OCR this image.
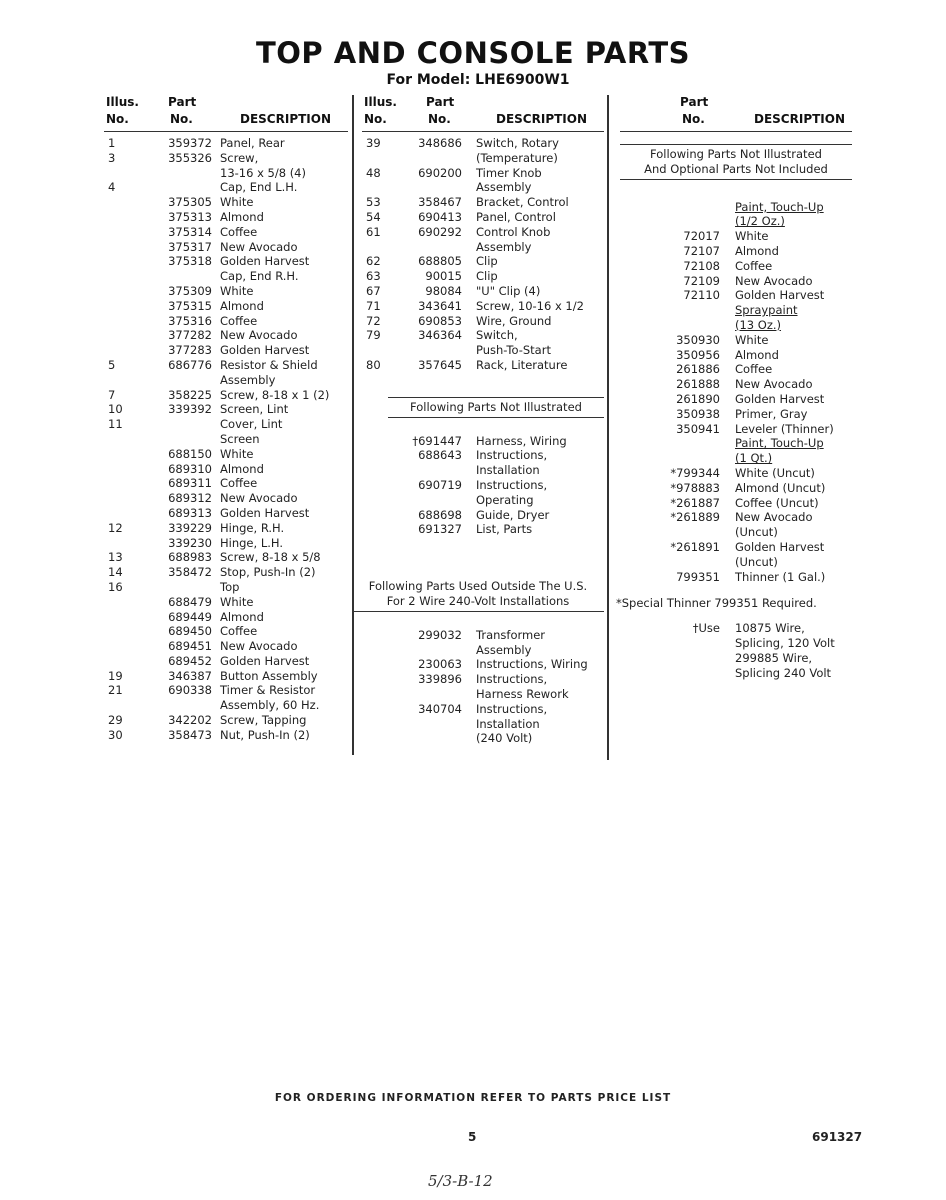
TOP AND CONSOLE PARTS
For Model: LHE6900W1
Illus.
No.
Part
No.	DESCRIPTION
1	359372 Panel, Rear
3	355326 Screw,
13-16 x 5/8 (4)
4	Cap, End L.H.
375305 White
375313 Almond
375314 Coffee
375317 New Avocado
375318 Golden Harvest
Cap, End R.H.
375309 White
375315 Almond
375316 Coffee
377282 New Avocado
377283 Golden Harvest
5	686776 Resistor & Shield
Assembly
7	358225 Screw, 8-18 x 1 (2)
10	339392 Screen, Lint
11	Cover, Lint
Screen
688150 White
689310 Almond
689311 Coffee
689312 New Avocado
689313 Golden Harvest
12	339229 Hinge, R.H.
339230 Hinge, L.H.
13	688983 Screw, 8-18 x 5/8
14	358472 Stop, Push-In (2)
16	Top
688479 White
689449 Almond
689450 Coffee
689451 New Avocado
689452 Golden Harvest
19	346387 Button Assembly
21	690338 Timer & Resistor
Assembly, 60 Hz.
29	342202 Screw, Tapping
30	358473 Nut, Push-In (2)
Illus.
No.
Part
No.	DESCRIPTION
39	348686 Switch, Rotary
(Temperature)
48	690200 Timer Knob
Assembly
53	358467 Bracket, Control
54	690413 Panel, Control
61	690292 Control Knob
Assembly
62	688805 Clip
63	90015 Clip
67	98084 "U" Clip (4)
71	343641 Screw, 10-16 x 1/2
72	690853 Wire, Ground
79	346364 Switch,
Push-To-Start
80	357645 Rack, Literature
Following Parts Not Illustrated
†691447 Harness, Wiring
688643 Instructions,
Installation
690719 Instructions,
Operating
688698 Guide, Dryer
691327 List, Parts
Following Parts Used Outside The U.S.
For 2 Wire 240-Volt Installations
299032 Transformer
Assembly
230063 Instructions, Wiring
339896 Instructions,
Harness Rework
340704 Instructions,
Installation
(240 Volt)
Part
No.	DESCRIPTION
Following Parts Not Illustrated
And Optional Parts Not Included
Paint, Touch-Up
(1/2 Oz.)
72017 White
72107 Almond
72108 Coffee
72109 New Avocado
72110 Golden Harvest
Spraypaint
(13 Oz.)
350930 White
350956 Almond
261886 Coffee
261888 New Avocado
261890 Golden Harvest
350938 Primer, Gray
350941 Leveler (Thinner)
Paint, Touch-Up
(1 Qt.)
*799344 White (Uncut)
*978883 Almond (Uncut)
*261887 Coffee (Uncut)
*261889 New Avocado
(Uncut)
*261891 Golden Harvest
(Uncut)
799351 Thinner (1 Gal.)
*Special Thinner 799351 Required.
†Use 10875 Wire,
Splicing, 120 Volt
299885 Wire,
Splicing 240 Volt
FOR ORDERING INFORMATION REFER TO PARTS PRICE LIST
5	691327
5/3-B-12
